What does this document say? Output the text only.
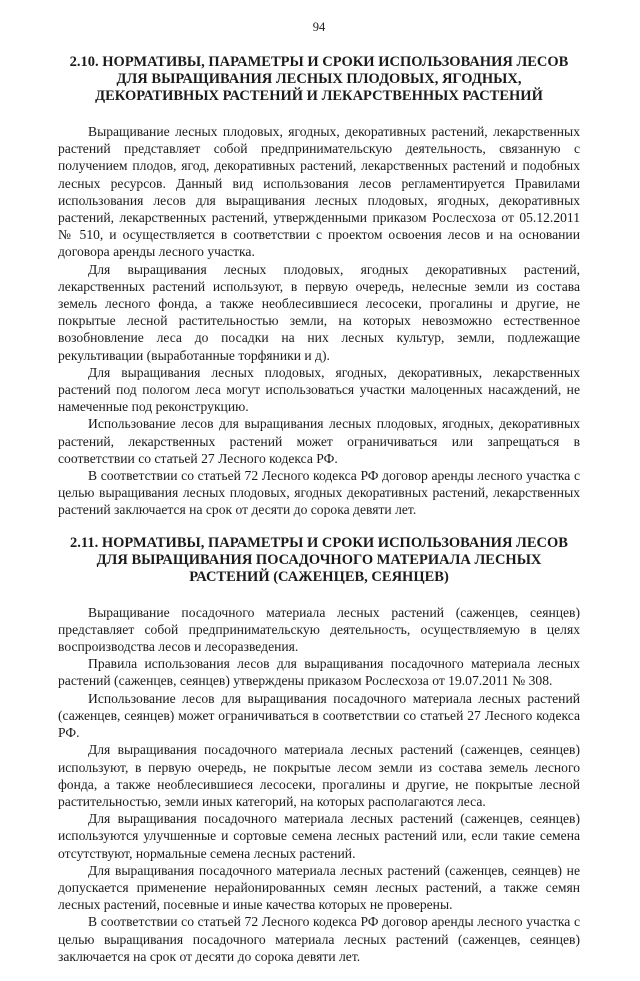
94
2.10. НОРМАТИВЫ, ПАРАМЕТРЫ И СРОКИ ИСПОЛЬЗОВАНИЯ ЛЕСОВ ДЛЯ ВЫРАЩИВАНИЯ ЛЕСНЫХ ПЛОДОВЫХ, ЯГОДНЫХ, ДЕКОРАТИВНЫХ РАСТЕНИЙ И ЛЕКАРСТВЕННЫХ РАСТЕНИЙ

Выращивание лесных плодовых, ягодных, декоративных растений, лекарственных растений представляет собой предпринимательскую деятельность, связанную с получением плодов, ягод, декоративных растений, лекарственных растений и подобных лесных ресурсов. Данный вид использования лесов регламентируется Правилами использования лесов для выращивания лесных плодовых, ягодных, декоративных растений, лекарственных растений, утвержденными приказом Рослесхоза от 05.12.2011 № 510, и осуществляется в соответствии с проектом освоения лесов и на основании договора аренды лесного участка.

Для выращивания лесных плодовых, ягодных декоративных растений, лекарственных растений используют, в первую очередь, нелесные земли из состава земель лесного фонда, а также необлесившиеся лесосеки, прогалины и другие, не покрытые лесной растительностью земли, на которых невозможно естественное возобновление леса до посадки на них лесных культур, земли, подлежащие рекультивации (выработанные торфяники и д).

Для выращивания лесных плодовых, ягодных, декоративных, лекарственных растений под пологом леса могут использоваться участки малоценных насаждений, не намеченные под реконструкцию.

Использование лесов для выращивания лесных плодовых, ягодных, декоративных растений, лекарственных растений может ограничиваться или запрещаться в соответствии со статьей 27 Лесного кодекса РФ.

В соответствии со статьей 72 Лесного кодекса РФ договор аренды лесного участка с целью выращивания лесных плодовых, ягодных декоративных растений, лекарственных растений заключается на срок от десяти до сорока девяти лет.

2.11. НОРМАТИВЫ, ПАРАМЕТРЫ И СРОКИ ИСПОЛЬЗОВАНИЯ ЛЕСОВ ДЛЯ ВЫРАЩИВАНИЯ ПОСАДОЧНОГО МАТЕРИАЛА ЛЕСНЫХ РАСТЕНИЙ (САЖЕНЦЕВ, СЕЯНЦЕВ)

Выращивание посадочного материала лесных растений (саженцев, сеянцев) представляет собой предпринимательскую деятельность, осуществляемую в целях воспроизводства лесов и лесоразведения.

Правила использования лесов для выращивания посадочного материала лесных растений (саженцев, сеянцев) утверждены приказом Рослесхоза от 19.07.2011 № 308.

Использование лесов для выращивания посадочного материала лесных растений (саженцев, сеянцев) может ограничиваться в соответствии со статьей 27 Лесного кодекса РФ.

Для выращивания посадочного материала лесных растений (саженцев, сеянцев) используют, в первую очередь, не покрытые лесом земли из состава земель лесного фонда, а также необлесившиеся лесосеки, прогалины и другие, не покрытые лесной растительностью, земли иных категорий, на которых располагаются леса.

Для выращивания посадочного материала лесных растений (саженцев, сеянцев) используются улучшенные и сортовые семена лесных растений или, если такие семена отсутствуют, нормальные семена лесных растений.

Для выращивания посадочного материала лесных растений (саженцев, сеянцев) не допускается применение нерайонированных семян лесных растений, а также семян лесных растений, посевные и иные качества которых не проверены.

В соответствии со статьей 72 Лесного кодекса РФ договор аренды лесного участка с целью выращивания посадочного материала лесных растений (саженцев, сеянцев) заключается на срок от десяти до сорока девяти лет.
